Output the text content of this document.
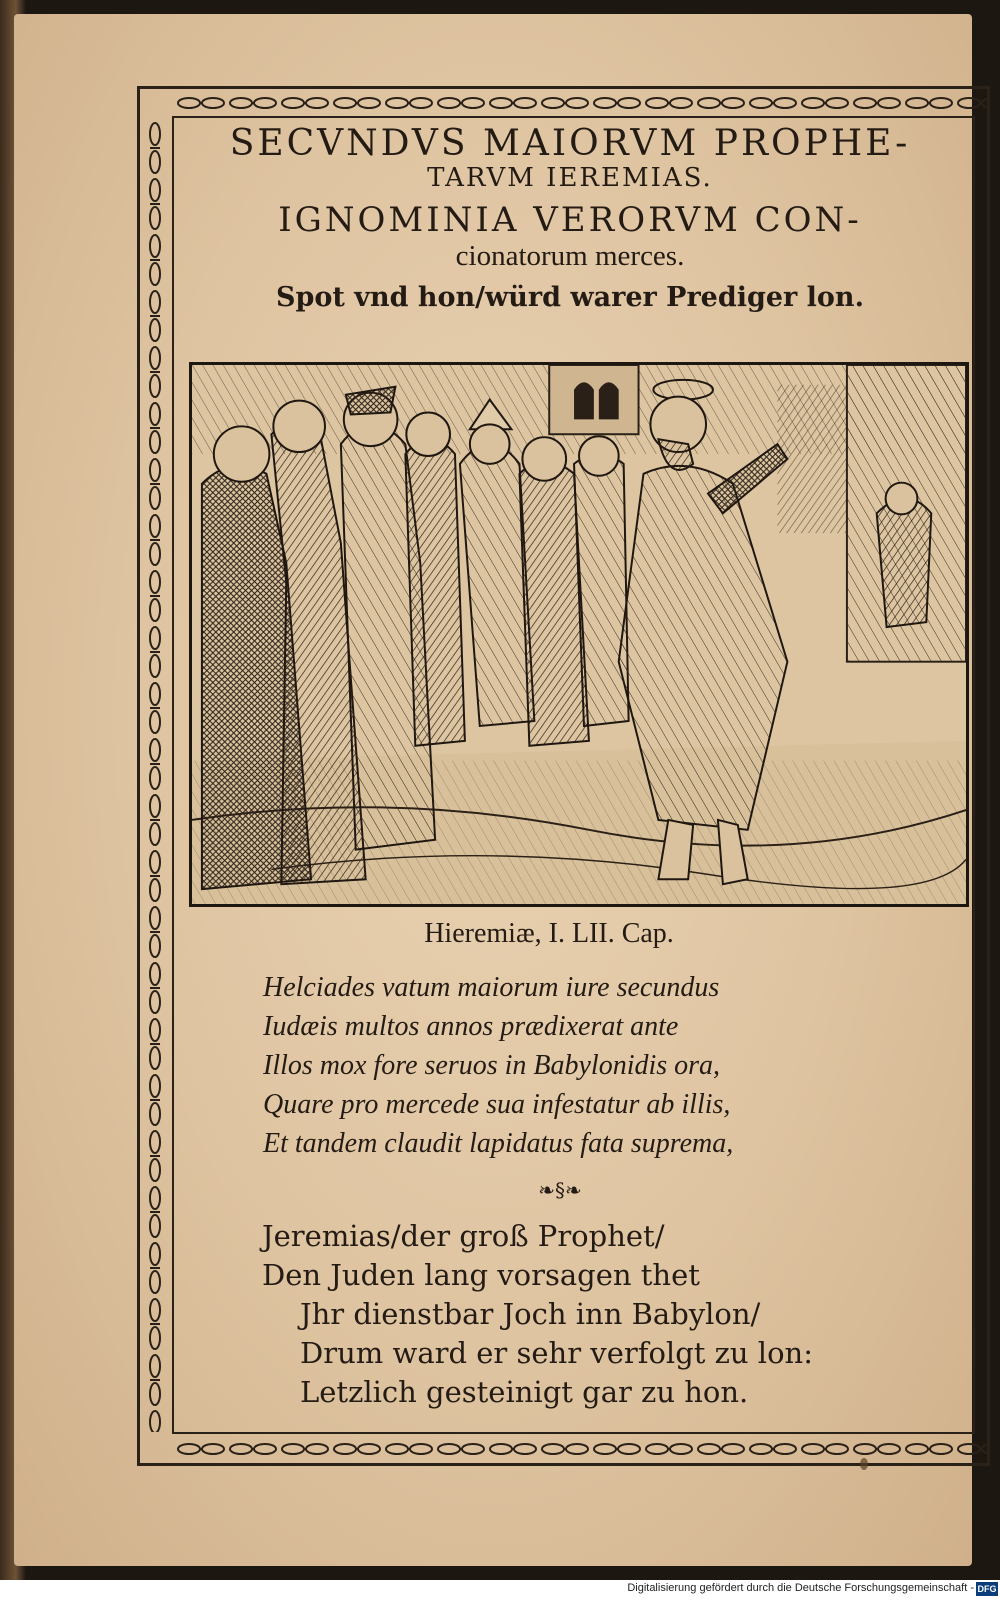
SECVNDVS MAIORVM PROPHE-
TARVM IEREMIAS.
IGNOMINIA VERORVM CON-
cionatorum merces.
Spot vnd hon/würd warer Prediger lon.
Hieremiæ, I. LII. Cap.
Helciades vatum maiorum iure secundus
Iudæis multos annos prædixerat ante
Illos mox fore seruos in Babylonidis ora,
Quare pro mercede sua infestatur ab illis,
Et tandem claudit lapidatus fata suprema,
❧§❧
Jeremias/der groß Prophet/
Den Juden lang vorsagen thet
Jhr dienstbar Joch inn Babylon/
Drum ward er sehr verfolgt zu lon:
Letzlich gesteinigt gar zu hon.
Digitalisierung gefördert durch die Deutsche Forschungsgemeinschaft - DFG
